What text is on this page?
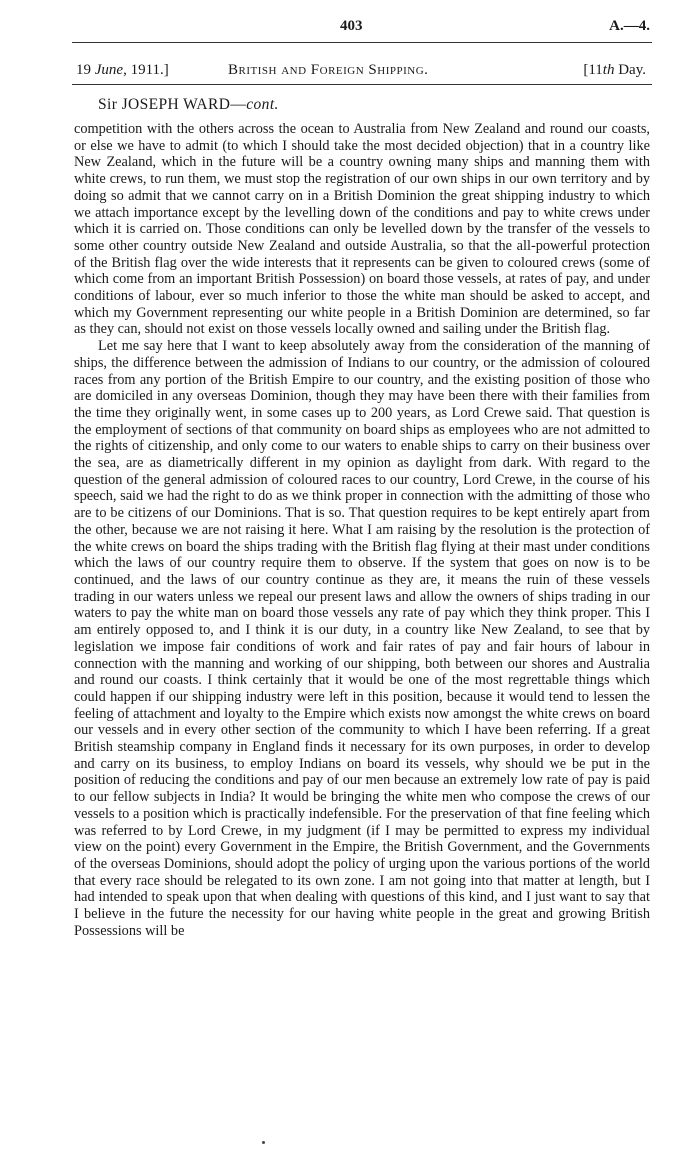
403	A.—4.
19 June, 1911.]	British and Foreign Shipping.	[11th Day.
Sir JOSEPH WARD—cont.

competition with the others across the ocean to Australia from New Zealand and round our coasts, or else we have to admit (to which I should take the most decided objection) that in a country like New Zealand, which in the future will be a country owning many ships and manning them with white crews, to run them, we must stop the registration of our own ships in our own territory and by doing so admit that we cannot carry on in a British Dominion the great shipping industry to which we attach importance except by the levelling down of the conditions and pay to white crews under which it is carried on. Those conditions can only be levelled down by the transfer of the vessels to some other country outside New Zealand and outside Australia, so that the all-powerful protection of the British flag over the wide interests that it represents can be given to coloured crews (some of which come from an important British Possession) on board those vessels, at rates of pay, and under conditions of labour, ever so much inferior to those the white man should be asked to accept, and which my Government representing our white people in a British Dominion are determined, so far as they can, should not exist on those vessels locally owned and sailing under the British flag.

Let me say here that I want to keep absolutely away from the consideration of the manning of ships, the difference between the admission of Indians to our country, or the admission of coloured races from any portion of the British Empire to our country, and the existing position of those who are domiciled in any overseas Dominion, though they may have been there with their families from the time they originally went, in some cases up to 200 years, as Lord Crewe said. That question is the employment of sections of that community on board ships as employees who are not admitted to the rights of citizenship, and only come to our waters to enable ships to carry on their business over the sea, are as diametrically different in my opinion as daylight from dark. With regard to the question of the general admission of coloured races to our country, Lord Crewe, in the course of his speech, said we had the right to do as we think proper in connection with the admitting of those who are to be citizens of our Dominions. That is so. That question requires to be kept entirely apart from the other, because we are not raising it here. What I am raising by the resolution is the protection of the white crews on board the ships trading with the British flag flying at their mast under conditions which the laws of our country require them to observe. If the system that goes on now is to be continued, and the laws of our country continue as they are, it means the ruin of these vessels trading in our waters unless we repeal our present laws and allow the owners of ships trading in our waters to pay the white man on board those vessels any rate of pay which they think proper. This I am entirely opposed to, and I think it is our duty, in a country like New Zealand, to see that by legislation we impose fair conditions of work and fair rates of pay and fair hours of labour in connection with the manning and working of our shipping, both between our shores and Australia and round our coasts. I think certainly that it would be one of the most regrettable things which could happen if our shipping industry were left in this position, because it would tend to lessen the feeling of attachment and loyalty to the Empire which exists now amongst the white crews on board our vessels and in every other section of the community to which I have been referring. If a great British steamship company in England finds it necessary for its own purposes, in order to develop and carry on its business, to employ Indians on board its vessels, why should we be put in the position of reducing the conditions and pay of our men because an extremely low rate of pay is paid to our fellow subjects in India? It would be bringing the white men who compose the crews of our vessels to a position which is practically indefensible. For the preservation of that fine feeling which was referred to by Lord Crewe, in my judgment (if I may be permitted to express my individual view on the point) every Government in the Empire, the British Government, and the Governments of the overseas Dominions, should adopt the policy of urging upon the various portions of the world that every race should be relegated to its own zone. I am not going into that matter at length, but I had intended to speak upon that when dealing with questions of this kind, and I just want to say that I believe in the future the necessity for our having white people in the great and growing British Possessions will be
